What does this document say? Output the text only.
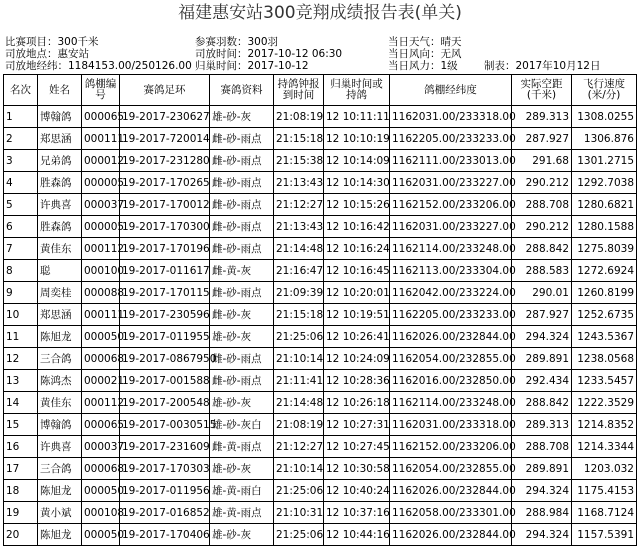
福建惠安站300竞翔成绩报告表(单关)
比赛项目：300千米
司放地点：惠安站
司放地经纬：1184153.00/250126.00
参赛羽数：300羽
司放时间：2017-10-12 06:30
归巢时间：2017-10-12
当日天气：晴天
当日风向：无风
当日风力：1级	制表：2017年10月12日
名次	姓名	鸽棚编号	赛鸽足环	赛鸽资料	持鸽钟报到时间	归巢时间或持鸽	鸽棚经纬度	实际空距(千米)	飞行速度(米/分)
1	博翰鸽	000065	19-2017-230627	雄-砂-灰	21:08:19	12 10:11:11	1162031.00/233318.00	289.313	1308.0255
2	郑思涵	000111	19-2017-720014	雌-砂-雨点	21:15:18	12 10:10:19	1162205.00/233233.00	287.927	1306.876
3	兄弟鸽	000012	19-2017-231280	雌-砂-雨点	21:15:38	12 10:14:09	1162111.00/233013.00	291.68	1301.2715
4	胜森鸽	000005	19-2017-170265	雌-砂-雨点	21:13:43	12 10:14:30	1162031.00/233227.00	290.212	1292.7038
5	许典喜	000037	19-2017-170012	雌-砂-雨点	21:12:27	12 10:15:26	1162152.00/233206.00	288.708	1280.6821
6	胜森鸽	000005	19-2017-170300	雌-砂-雨点	21:13:43	12 10:16:42	1162031.00/233227.00	290.212	1280.1588
7	黄佳东	000112	19-2017-170196	雌-砂-雨点	21:14:48	12 10:16:24	1162114.00/233248.00	288.842	1275.8039
8	聪	000100	19-2017-011617	雌-黄-灰	21:16:47	12 10:16:45	1162113.00/233304.00	288.583	1272.6924
9	周奕桂	000088	19-2017-170115	雌-砂-雨点	21:09:39	12 10:20:01	1162042.00/233224.00	290.01	1260.8199
10	郑思涵	000111	19-2017-230596	雌-砂-灰	21:15:18	12 10:19:51	1162205.00/233233.00	287.927	1252.6735
11	陈旭龙	000050	19-2017-011955	雄-砂-灰	21:25:06	12 10:26:41	1162026.00/232844.00	294.324	1243.5367
12	三合鸽	000068	19-2017-0867950	雌-砂-雨点	21:10:14	12 10:24:09	1162054.00/232855.00	289.891	1238.0568
13	陈鸿杰	000021	19-2017-001588	雌-砂-雨点	21:11:41	12 10:28:36	1162016.00/232850.00	292.434	1233.5457
14	黄佳东	000112	19-2017-200548	雄-砂-灰	21:14:48	12 10:26:18	1162114.00/233248.00	288.842	1222.3529
15	博翰鸽	000065	19-2017-0030515	雄-砂-灰白	21:08:19	12 10:27:31	1162031.00/233318.00	289.313	1214.8352
16	许典喜	000037	19-2017-231609	雌-黄-雨点	21:12:27	12 10:27:45	1162152.00/233206.00	288.708	1214.3344
17	三合鸽	000068	19-2017-170303	雄-砂-灰	21:10:14	12 10:30:58	1162054.00/232855.00	289.891	1203.032
18	陈旭龙	000050	19-2017-011956	雄-黄-雨白	21:25:06	12 10:40:24	1162026.00/232844.00	294.324	1175.4153
19	黄小斌	000108	19-2017-016852	雄-黄-雨点	21:10:31	12 10:37:16	1162058.00/233301.00	288.984	1168.7124
20	陈旭龙	000050	19-2017-170406	雄-砂-灰	21:25:06	12 10:44:16	1162026.00/232844.00	294.324	1157.5391
